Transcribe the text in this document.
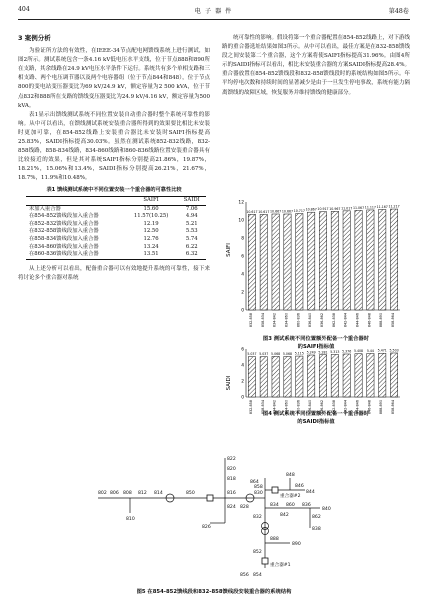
404	电 子 器 件	第48卷
3 案例分析

为验证所方法的有效性，在IEEE-34节点配电网馈线系统上进行测试，如图2所示。测试系统包含一条4.16 kV低电压水平支线，位于节点888和890所在支路，其余线路在24.9 kV电压水平条件下运行。系统共有多个单相支路和三相支路、两个电压调节器以及两个电容器组（位于节点844和848），位于节点800的变电站变压器变比为69 kV/24.9 kV，额定容量为2 500 kVA，位于节点832和888所在支路的馈线变压器变比为24.9 kV/4.16 kV，额定容量为500 kVA。

表1显示出馈线测试系统不同位置安装自动重合器时整个系统可靠性的影响。从中可以看出，在馈线测试系统安装重合器所得到的效果要比相比未安装时更加可靠，在854-852线路上安装重合器比未安装时SAIFI指标提高25.83%，SAIDI指标提高30.03%。虽然在测试系统852-832线路，832-858线路，858-834线路，834-860线路和860-836线路位置安装重合器具有比较接近的效果，但是其对系统SAIFI指标分别提高21.86%，19.87%，18.21%，15.06%和13.4%，SAIDI指标分别提高26.21%，21.67%，18.7%，11.9%和10.48%。

表1 馈线测试系统中不同位置安装一个重合器的可靠性比较
	SAIFI	SAIDI
未加入重合器	15.60	7.06
在854-852馈线段加入重合器	11.57(10.25)	4.94
在852-832馈线段加入重合器	12.19	5.21
在832-858馈线段加入重合器	12.50	5.53
在858-834馈线段加入重合器	12.76	5.74
在834-860馈线段加入重合器	13.24	6.22
在860-836馈线段加入重合器	13.51	6.32

从上述分析可以看出，配备重合器可以有效地提升系统的可靠性，接下来将讨论多个重合器对系统

统可靠性的影响。假设将第一个重合器配置在854-852线路上，对下游线路的重合器选址结果如图3所示。从中可以看出，最佳方案是在832-858馈线段之间安装第二个重合器，这个方案将使SAIFI指标提高31.96%。由图4所示的SAIDI指标可以看出，相比未安装重合器的方案SAIDI指标提高28.4%。重合器放置在854-852馈线段和832-858馈线段时的系统结构如图5所示。年平均停电次数和持续时间的显著减少是由于一旦发生停电事故，系统有能力隔离馈线的故障区域，恢复服务并维持馈线的健康部分。

SAIFI
0
2
4
6
8
10
12
10.617
832-858
10.617
858-834
10.667
834-842
10.667
834-860
10.717
860-836
10.867
836-840
10.917
836-862
10.967
862-838
11.017
842-844
11.067
844-846
11.117
846-848
11.167
888-890
11.217
858-864
图3 测试系统不同位置额外配备一个重合器时
的SAIFI指标值
SAIDI
0
2
4
6
5.037
832-858
5.037
858-834
5.068
834-842
5.068
834-860
5.115
860-836
5.249
836-840
5.281
836-862
5.313
862-838
5.376
842-844
5.408
844-846
5.44
846-848
5.471
888-890
5.503
858-864
图4 测试系统不同位置额外配备一个重合器时
的SAIDI指标值
802 806 808 812 814
810
850
822
820
818
816
824
826
828
830
848
846
844
858
864
重合器#2
834 860 836
840
862
838
842
832
888
890
852
重合器#1
854
856
图5 在854-852馈线段和832-858馈线段安装重合器的系统结构
